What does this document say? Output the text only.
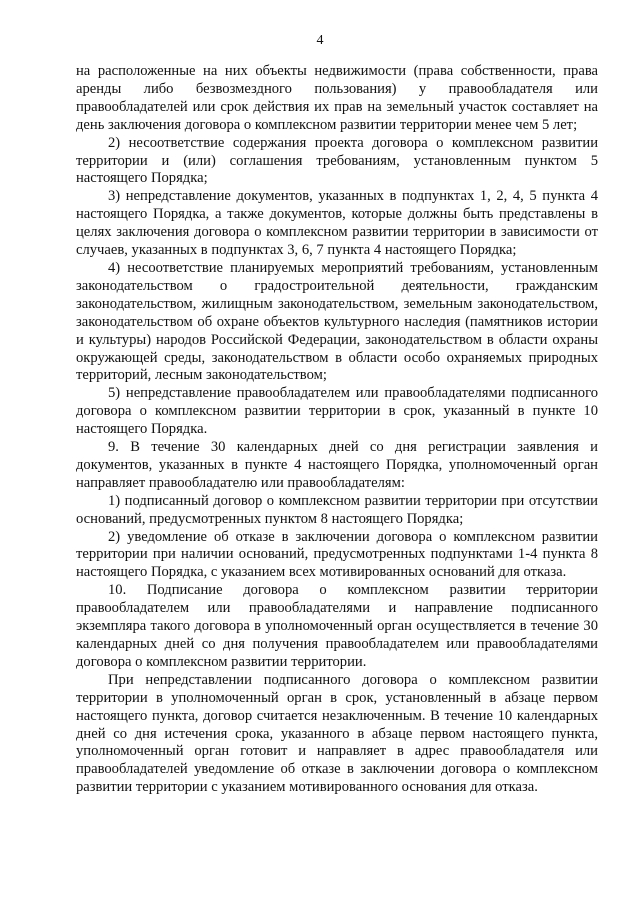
4

на расположенные на них объекты недвижимости (права собственности, права аренды либо безвозмездного пользования) у правообладателя или правообладателей или срок действия их прав на земельный участок составляет на день заключения договора о комплексном развитии территории менее чем 5 лет;

2) несоответствие содержания проекта договора о комплексном развитии территории и (или) соглашения требованиям, установленным пунктом 5 настоящего Порядка;

3) непредставление документов, указанных в подпунктах 1, 2, 4, 5 пункта 4 настоящего Порядка, а также документов, которые должны быть представлены в целях заключения договора о комплексном развитии территории в зависимости от случаев, указанных в подпунктах 3, 6, 7 пункта 4 настоящего Порядка;

4) несоответствие планируемых мероприятий требованиям, установленным законодательством о градостроительной деятельности, гражданским законодательством, жилищным законодательством, земельным законодательством, законодательством об охране объектов культурного наследия (памятников истории и культуры) народов Российской Федерации, законодательством в области охраны окружающей среды, законодательством в области особо охраняемых природных территорий, лесным законодательством;

5) непредставление правообладателем или правообладателями подписанного договора о комплексном развитии территории в срок, указанный в пункте 10 настоящего Порядка.

9. В течение 30 календарных дней со дня регистрации заявления и документов, указанных в пункте 4 настоящего Порядка, уполномоченный орган направляет правообладателю или правообладателям:

1) подписанный договор о комплексном развитии территории при отсутствии оснований, предусмотренных пунктом 8 настоящего Порядка;

2) уведомление об отказе в заключении договора о комплексном развитии территории при наличии оснований, предусмотренных подпунктами 1-4 пункта 8 настоящего Порядка, с указанием всех мотивированных оснований для отказа.

10. Подписание договора о комплексном развитии территории правообладателем или правообладателями и направление подписанного экземпляра такого договора в уполномоченный орган осуществляется в течение 30 календарных дней со дня получения правообладателем или правообладателями договора о комплексном развитии территории.

При непредставлении подписанного договора о комплексном развитии территории в уполномоченный орган в срок, установленный в абзаце первом настоящего пункта, договор считается незаключенным. В течение 10 календарных дней со дня истечения срока, указанного в абзаце первом настоящего пункта, уполномоченный орган готовит и направляет в адрес правообладателя или правообладателей уведомление об отказе в заключении договора о комплексном развитии территории с указанием мотивированного основания для отказа.
